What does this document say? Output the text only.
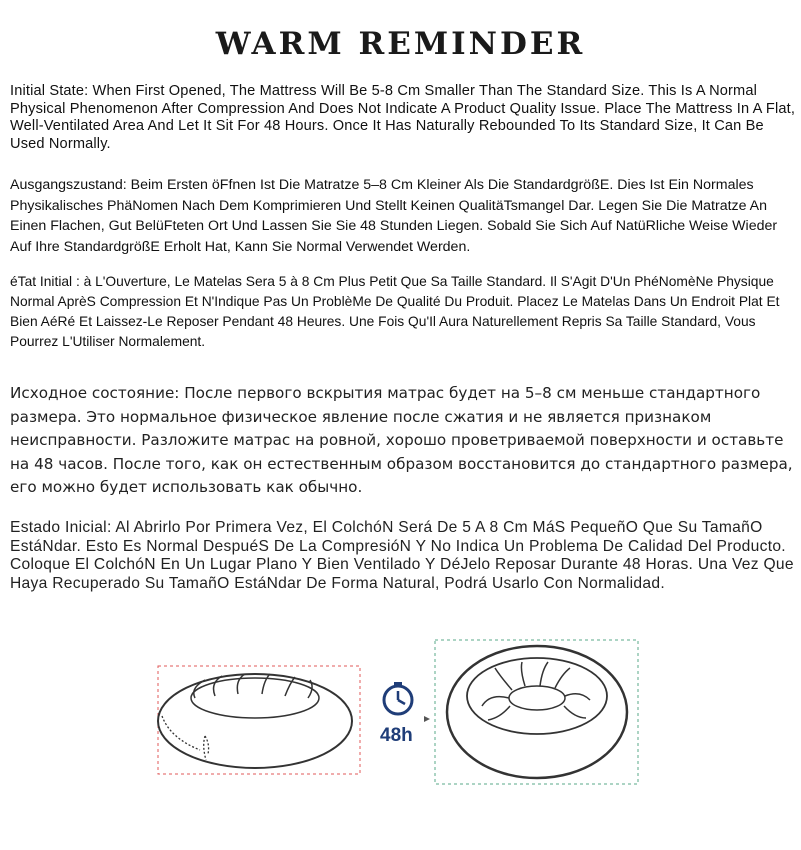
WARM REMINDER

Initial State: When First Opened, The Mattress Will Be 5-8 Cm Smaller Than The Standard Size. This Is A Normal Physical Phenomenon After Compression And Does Not Indicate A Product Quality Issue. Place The Mattress In A Flat, Well-Ventilated Area And Let It Sit For 48 Hours. Once It Has Naturally Rebounded To Its Standard Size, It Can Be Used Normally.

Ausgangszustand: Beim Ersten öFfnen Ist Die Matratze 5–8 Cm Kleiner Als Die StandardgrößE. Dies Ist Ein Normales Physikalisches PhäNomen Nach Dem Komprimieren Und Stellt Keinen QualitäTsmangel Dar. Legen Sie Die Matratze An Einen Flachen, Gut BelüFteten Ort Und Lassen Sie Sie 48 Stunden Liegen. Sobald Sie Sich Auf NatüRliche Weise Wieder Auf Ihre StandardgrößE Erholt Hat, Kann Sie Normal Verwendet Werden.

éTat Initial : à L'Ouverture, Le Matelas Sera 5 à 8 Cm Plus Petit Que Sa Taille Standard. Il S'Agit D'Un PhéNomèNe Physique Normal AprèS Compression Et N'Indique Pas Un ProblèMe De Qualité Du Produit. Placez Le Matelas Dans Un Endroit Plat Et Bien AéRé Et Laissez-Le Reposer Pendant 48 Heures. Une Fois Qu'Il Aura Naturellement Repris Sa Taille Standard, Vous Pourrez L'Utiliser Normalement.

Исходное состояние: После первого вскрытия матрас будет на 5–8 см меньше стандартного размера. Это нормальное физическое явление после сжатия и не является признаком неисправности. Разложите матрас на ровной, хорошо проветриваемой поверхности и оставьте на 48 часов. После того, как он естественным образом восстановится до стандартного размера, его можно будет использовать как обычно.

Estado Inicial: Al Abrirlo Por Primera Vez, El ColchóN Será De 5 A 8 Cm MáS PequeñO Que Su TamañO EstáNdar. Esto Es Normal DespuéS De La CompresióN Y No Indica Un Problema De Calidad Del Producto. Coloque El ColchóN En Un Lugar Plano Y Bien Ventilado Y DéJelo Reposar Durante 48 Horas. Una Vez Que Haya Recuperado Su TamañO EstáNdar De Forma Natural, Podrá Usarlo Con Normalidad.

48h
